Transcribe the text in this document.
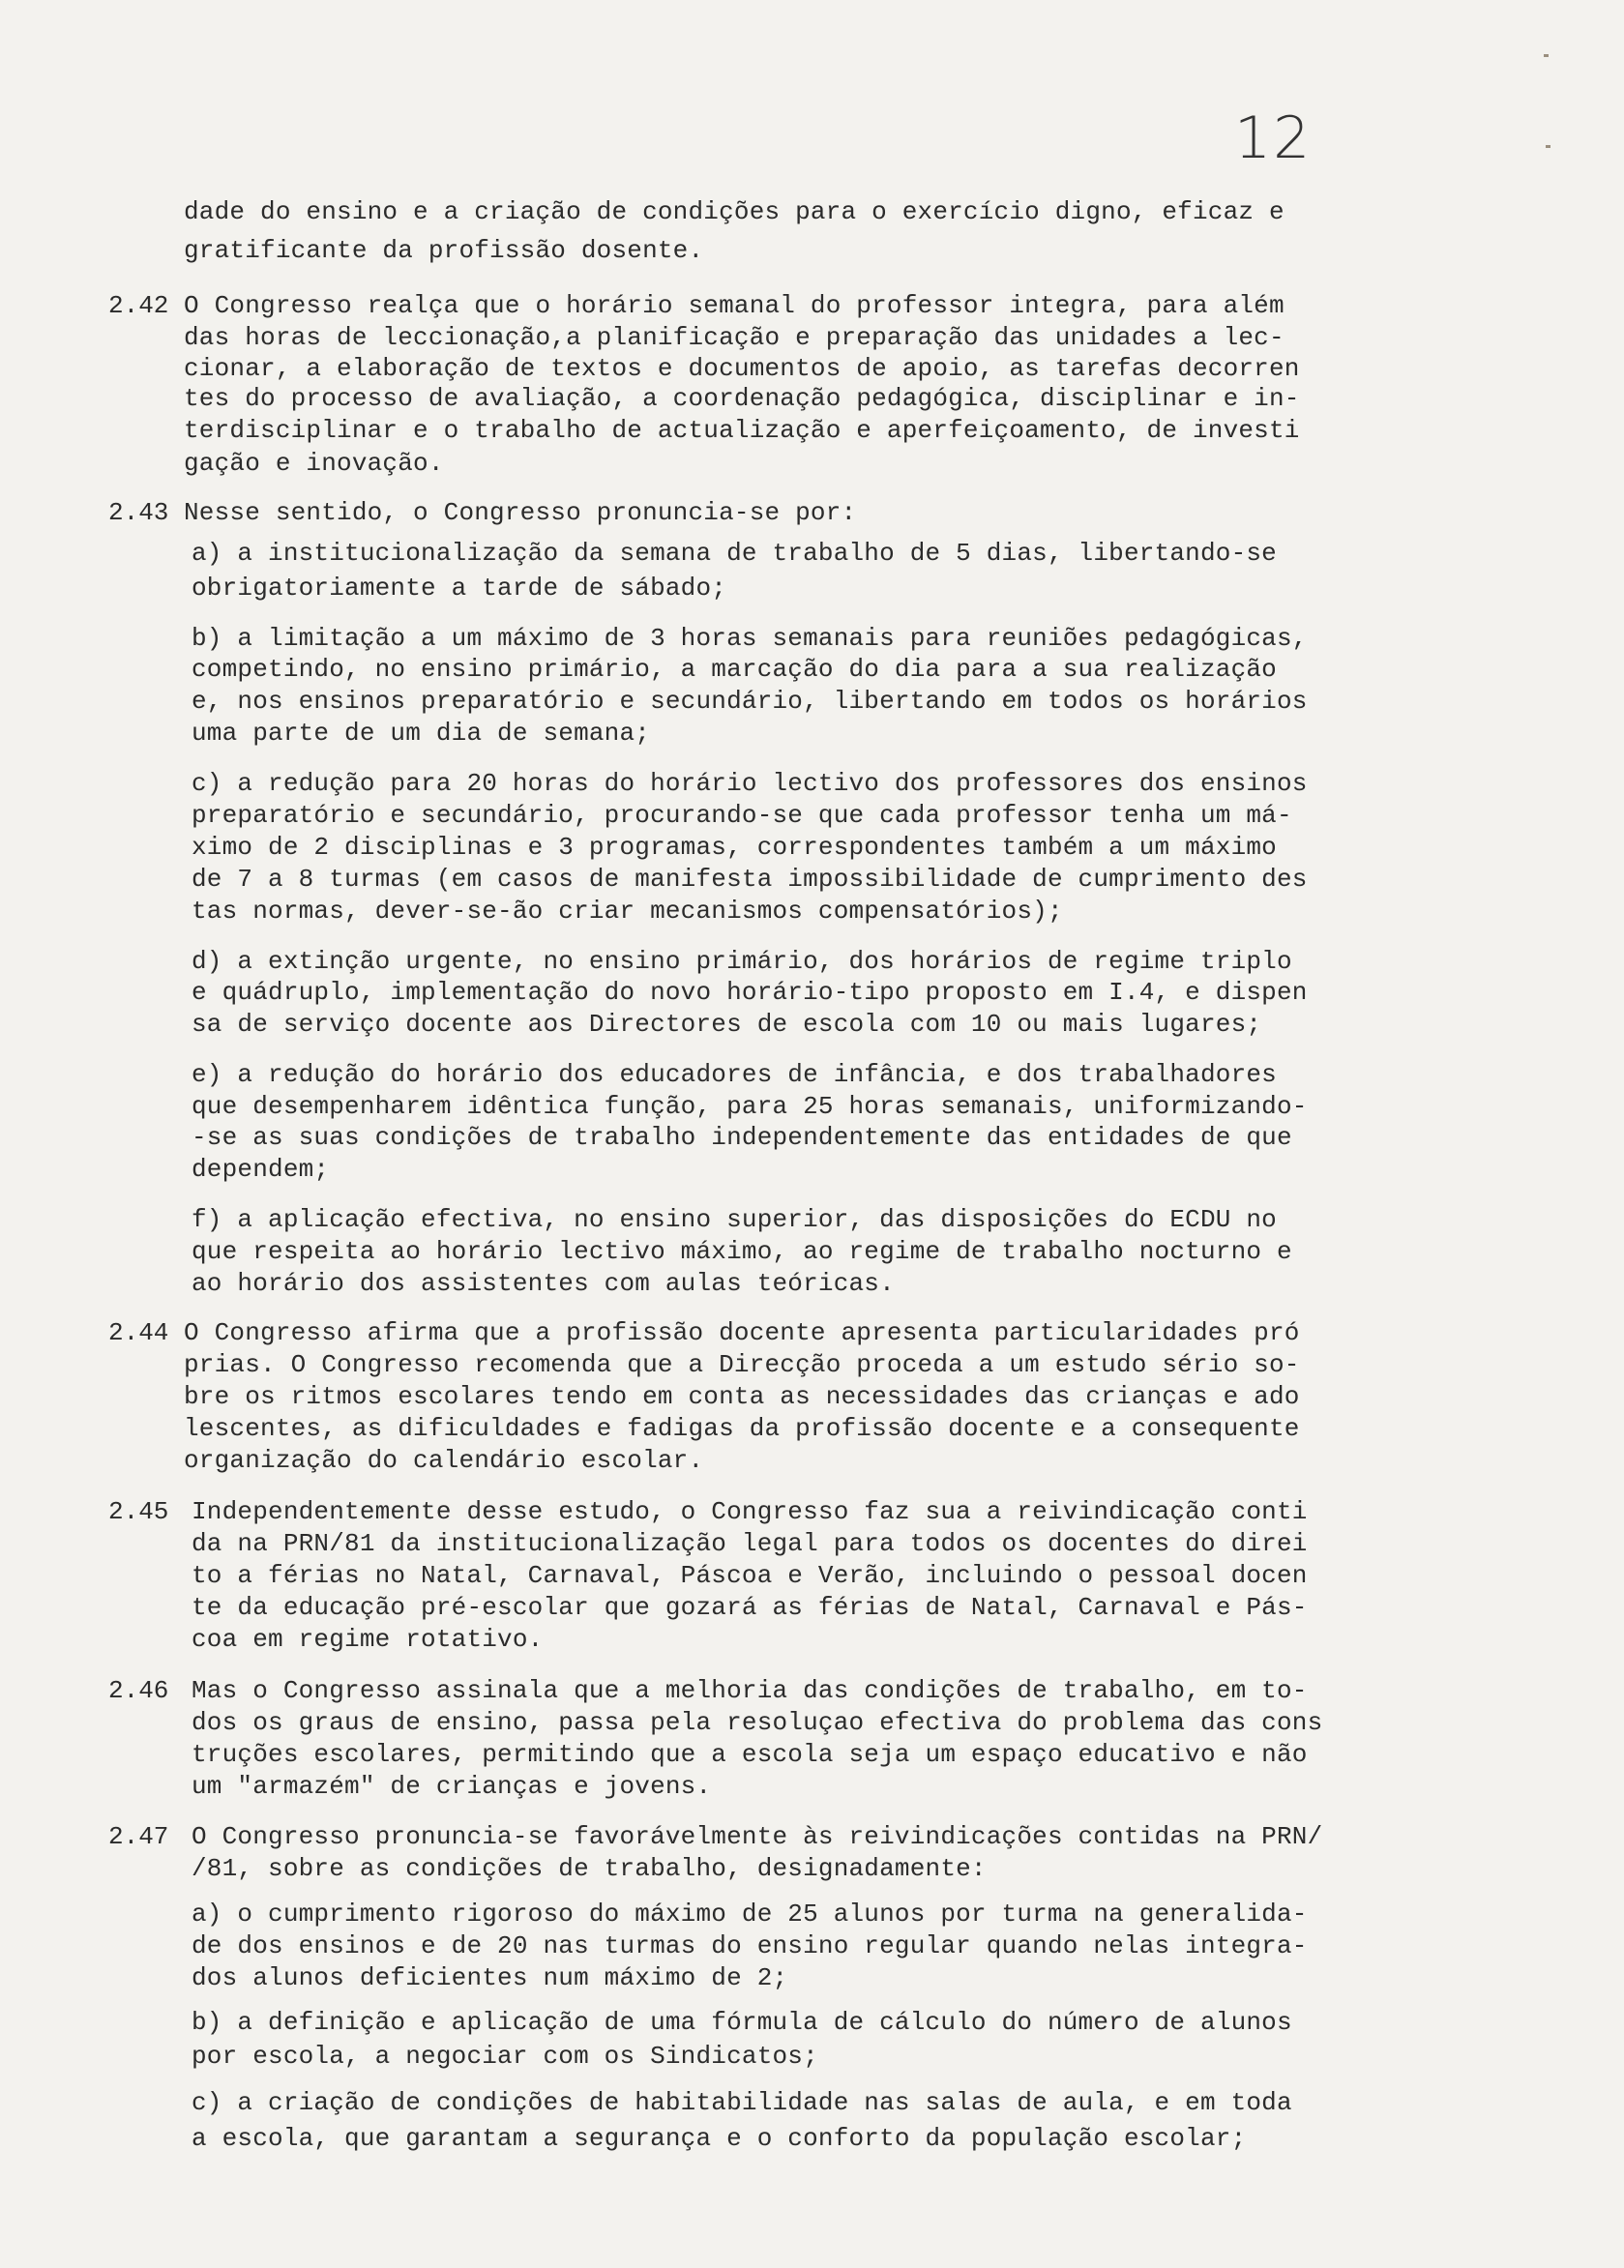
12
dade do ensino e a criação de condições para o exercício digno, eficaz e
gratificante da profissão dosente.
2.42 O Congresso realça que o horário semanal do professor integra, para além
das horas de leccionação,a planificação e preparação das unidades a lec-
cionar, a elaboração de textos e documentos de apoio, as tarefas decorren
tes do processo de avaliação, a coordenação pedagógica, disciplinar e in-
terdisciplinar e o trabalho de actualização e aperfeiçoamento, de investi
gação e inovação.
2.43 Nesse sentido, o Congresso pronuncia-se por:
a) a institucionalização da semana de trabalho de 5 dias, libertando-se
obrigatoriamente a tarde de sábado;
b) a limitação a um máximo de 3 horas semanais para reuniões pedagógicas,
competindo, no ensino primário, a marcação do dia para a sua realização
e, nos ensinos preparatório e secundário, libertando em todos os horários
uma parte de um dia de semana;
c) a redução para 20 horas do horário lectivo dos professores dos ensinos
preparatório e secundário, procurando-se que cada professor tenha um má-
ximo de 2 disciplinas e 3 programas, correspondentes também a um máximo
de 7 a 8 turmas (em casos de manifesta impossibilidade de cumprimento des
tas normas, dever-se-ão criar mecanismos compensatórios);
d) a extinção urgente, no ensino primário, dos horários de regime triplo
e quádruplo, implementação do novo horário-tipo proposto em I.4, e dispen
sa de serviço docente aos Directores de escola com 10 ou mais lugares;
e) a redução do horário dos educadores de infância, e dos trabalhadores
que desempenharem idêntica função, para 25 horas semanais, uniformizando-
-se as suas condições de trabalho independentemente das entidades de que
dependem;
f) a aplicação efectiva, no ensino superior, das disposições do ECDU no
que respeita ao horário lectivo máximo, ao regime de trabalho nocturno e
ao horário dos assistentes com aulas teóricas.
2.44 O Congresso afirma que a profissão docente apresenta particularidades pró
prias. O Congresso recomenda que a Direcção proceda a um estudo sério so-
bre os ritmos escolares tendo em conta as necessidades das crianças e ado
lescentes, as dificuldades e fadigas da profissão docente e a consequente
organização do calendário escolar.
2.45 Independentemente desse estudo, o Congresso faz sua a reivindicação conti
da na PRN/81 da institucionalização legal para todos os docentes do direi
to a férias no Natal, Carnaval, Páscoa e Verão, incluindo o pessoal docen
te da educação pré-escolar que gozará as férias de Natal, Carnaval e Pás-
coa em regime rotativo.
2.46 Mas o Congresso assinala que a melhoria das condições de trabalho, em to-
dos os graus de ensino, passa pela resoluçao efectiva do problema das cons
truções escolares, permitindo que a escola seja um espaço educativo e não
um "armazém" de crianças e jovens.
2.47 O Congresso pronuncia-se favorávelmente às reivindicações contidas na PRN/
/81, sobre as condições de trabalho, designadamente:
a) o cumprimento rigoroso do máximo de 25 alunos por turma na generalida-
de dos ensinos e de 20 nas turmas do ensino regular quando nelas integra-
dos alunos deficientes num máximo de 2;
b) a definição e aplicação de uma fórmula de cálculo do número de alunos
por escola, a negociar com os Sindicatos;
c) a criação de condições de habitabilidade nas salas de aula, e em toda
a escola, que garantam a segurança e o conforto da população escolar;
